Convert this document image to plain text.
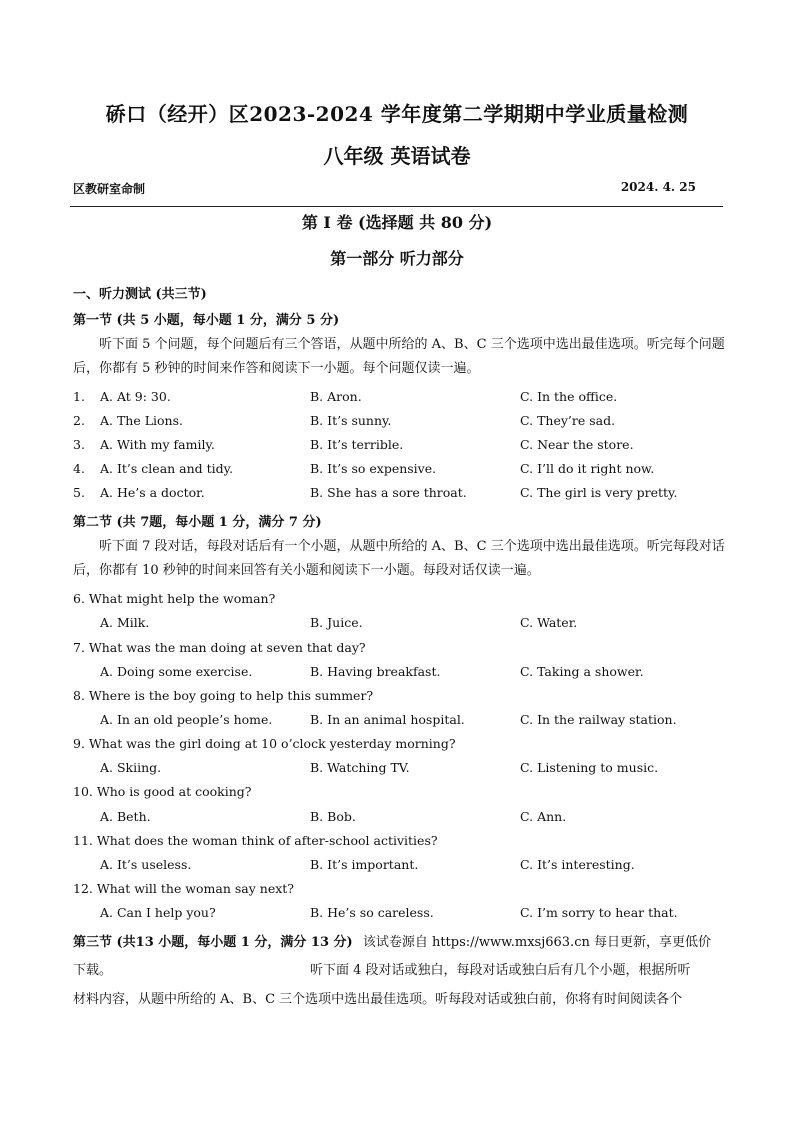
硚口（经开）区2023-2024 学年度第二学期期中学业质量检测
八年级 英语试卷
区教研室命制	2024. 4. 25
第 I 卷 (选择题 共 80 分)
第一部分 听力部分
一、听力测试 (共三节)
第一节 (共 5 小题，每小题 1 分，满分 5 分)
听下面 5 个问题，每个问题后有三个答语，从题中所给的 A、B、C 三个选项中选出最佳选项。听完每个问题后，你都有 5 秒钟的时间来作答和阅读下一小题。每个问题仅读一遍。
1. A. At 9: 30.	B. Aron.	C. In the office.
2. A. The Lions.	B. It’s sunny.	C. They’re sad.
3. A. With my family.	B. It’s terrible.	C. Near the store.
4. A. It’s clean and tidy.	B. It’s so expensive.	C. I’ll do it right now.
5. A. He’s a doctor.	B. She has a sore throat.	C. The girl is very pretty.
第二节 (共 7题，每小题 1 分，满分 7 分)
听下面 7 段对话，每段对话后有一个小题，从题中所给的 A、B、C 三个选项中选出最佳选项。听完每段对话后，你都有 10 秒钟的时间来回答有关小题和阅读下一小题。每段对话仅读一遍。
6. What might help the woman?
A. Milk.	B. Juice.	C. Water.
7. What was the man doing at seven that day?
A. Doing some exercise.	B. Having breakfast.	C. Taking a shower.
8. Where is the boy going to help this summer?
A. In an old people’s home.	B. In an animal hospital.	C. In the railway station.
9. What was the girl doing at 10 o’clock yesterday morning?
A. Skiing.	B. Watching TV.	C. Listening to music.
10. Who is good at cooking?
A. Beth.	B. Bob.	C. Ann.
11. What does the woman think of after-school activities?
A. It’s useless.	B. It’s important.	C. It’s interesting.
12. What will the woman say next?
A. Can I help you?	B. He’s so careless.	C. I’m sorry to hear that.
第三节 (共13 小题，每小题 1 分，满分 13 分) 该试卷源自 https://www.mxsj663.cn 每日更新，享更低价
下载。	听下面 4 段对话或独白，每段对话或独白后有几个小题，根据所听
材料内容，从题中所给的 A、B、C 三个选项中选出最佳选项。听每段对话或独白前，你将有时间阅读各个
